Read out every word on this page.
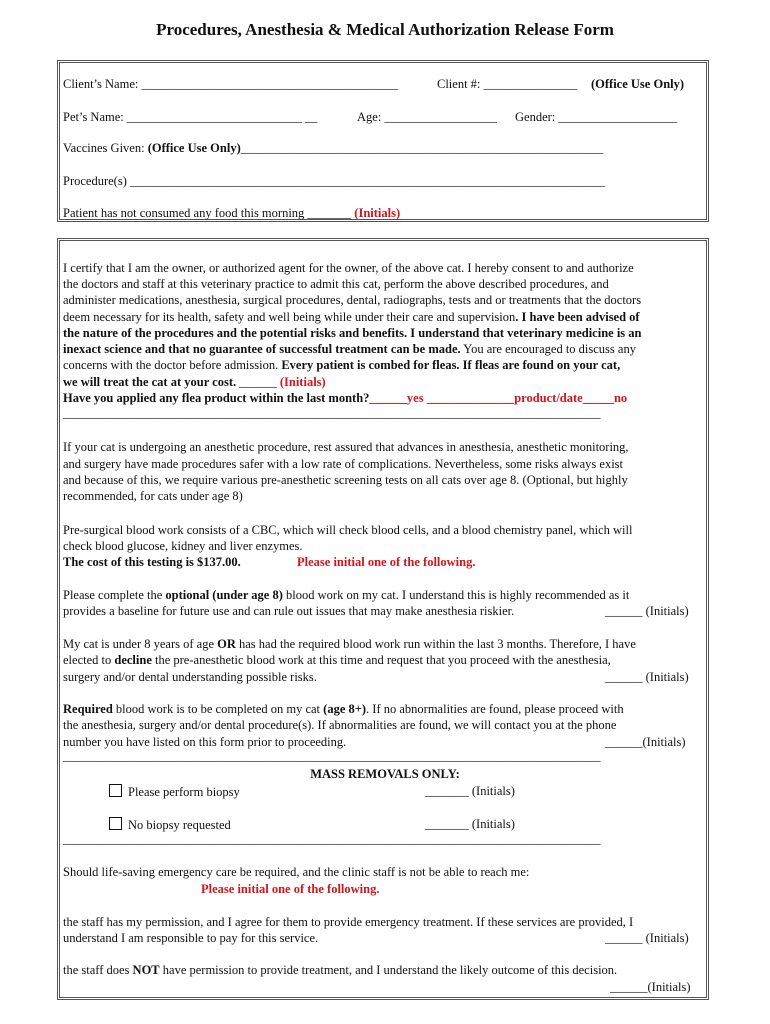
Procedures, Anesthesia & Medical Authorization Release Form
Client’s Name: _________________________________________	Client #: _______________ (Office Use Only)
Pet’s Name: ____________________________ __	Age: __________________ Gender: ___________________
Vaccines Given: (Office Use Only)__________________________________________________________
Procedure(s) ____________________________________________________________________________
Patient has not consumed any food this morning _______ (Initials)
I certify that I am the owner, or authorized agent for the owner, of the above cat. I hereby consent to and authorize
the doctors and staff at this veterinary practice to admit this cat, perform the above described procedures, and
administer medications, anesthesia, surgical procedures, dental, radiographs, tests and or treatments that the doctors
deem necessary for its health, safety and well being while under their care and supervision. I have been advised of
the nature of the procedures and the potential risks and benefits. I understand that veterinary medicine is an
inexact science and that no guarantee of successful treatment can be made. You are encouraged to discuss any
concerns with the doctor before admission. Every patient is combed for fleas. If fleas are found on your cat,
we will treat the cat at your cost. ______ (Initials)
Have you applied any flea product within the last month?______yes ______________product/date_____no
______________________________________________________________________________________
If your cat is undergoing an anesthetic procedure, rest assured that advances in anesthesia, anesthetic monitoring,
and surgery have made procedures safer with a low rate of complications. Nevertheless, some risks always exist
and because of this, we require various pre-anesthetic screening tests on all cats over age 8. (Optional, but highly
recommended, for cats under age 8)
Pre-surgical blood work consists of a CBC, which will check blood cells, and a blood chemistry panel, which will
check blood glucose, kidney and liver enzymes.
The cost of this testing is $137.00.	Please initial one of the following.
Please complete the optional (under age 8) blood work on my cat. I understand this is highly recommended as it
provides a baseline for future use and can rule out issues that may make anesthesia riskier.	______ (Initials)
My cat is under 8 years of age OR has had the required blood work run within the last 3 months. Therefore, I have
elected to decline the pre-anesthetic blood work at this time and request that you proceed with the anesthesia,
surgery and/or dental understanding possible risks.	______ (Initials)
Required blood work is to be completed on my cat (age 8+). If no abnormalities are found, please proceed with
the anesthesia, surgery and/or dental procedure(s). If abnormalities are found, we will contact you at the phone
number you have listed on this form prior to proceeding.	______(Initials)
______________________________________________________________________________________
MASS REMOVALS ONLY:
Please perform biopsy	_______ (Initials)
No biopsy requested	_______ (Initials)
______________________________________________________________________________________
Should life-saving emergency care be required, and the clinic staff is not be able to reach me:
Please initial one of the following.
the staff has my permission, and I agree for them to provide emergency treatment. If these services are provided, I
understand I am responsible to pay for this service.	______ (Initials)
the staff does NOT have permission to provide treatment, and I understand the likely outcome of this decision.
______(Initials)
